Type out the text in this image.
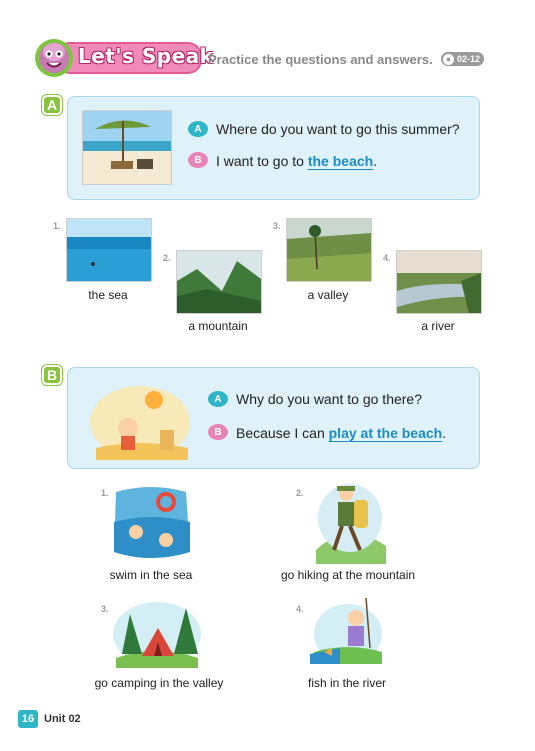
Let's Speak
Practice the questions and answers.	● 02-12
A
A	Where do you want to go this summer?
B	I want to go to the beach.
1.
the sea
2.
a mountain
3.
a valley
4.
a river
B
A	Why do you want to go there?
B	Because I can play at the beach.
1.
swim in the sea
2.
go hiking at the mountain
3.
go camping in the valley
4.
fish in the river
16 Unit 02
